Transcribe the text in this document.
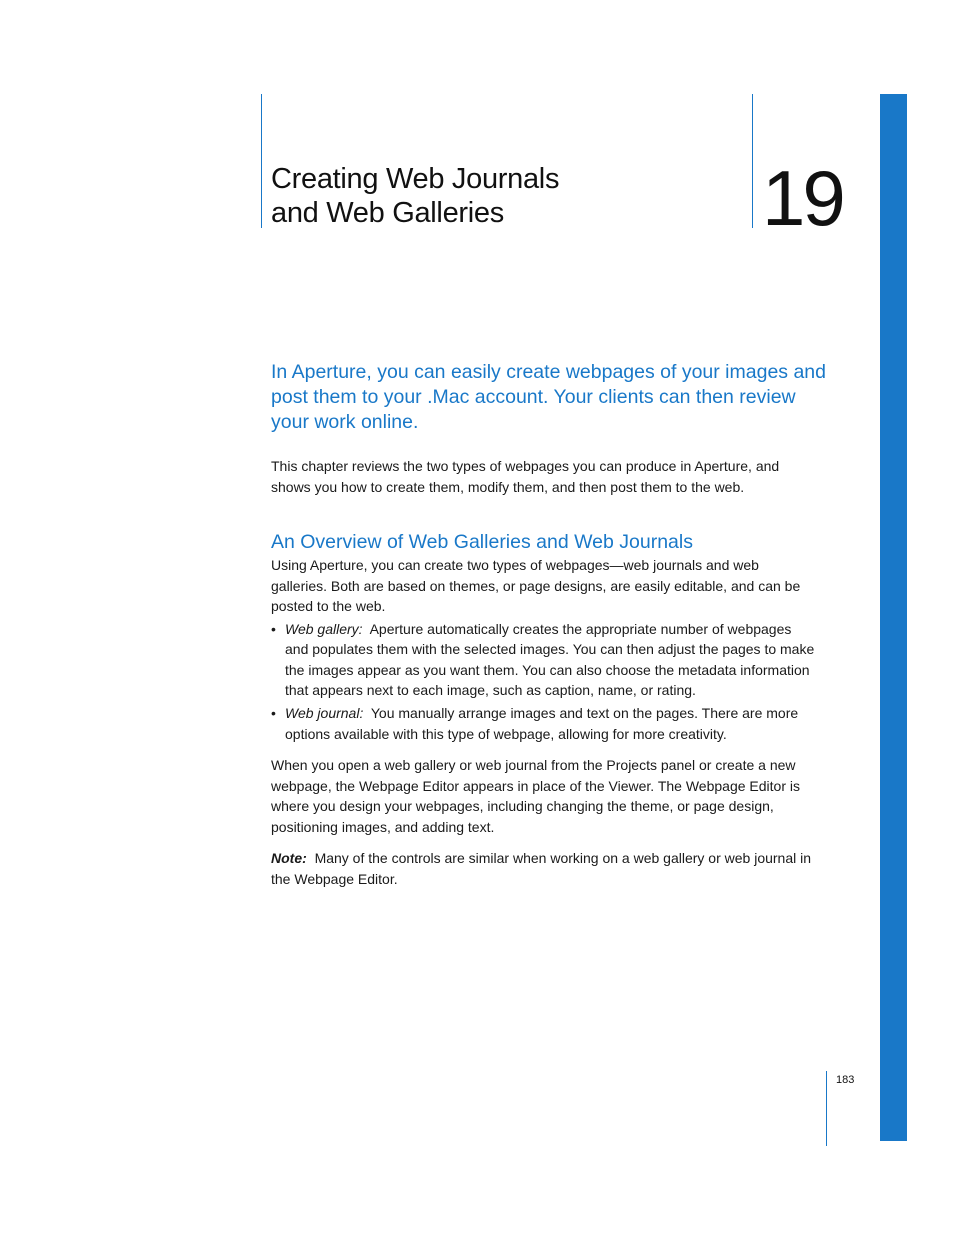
Creating Web Journals
and Web Galleries	19

In Aperture, you can easily create webpages of your images and post them to your .Mac account. Your clients can then review your work online.

This chapter reviews the two types of webpages you can produce in Aperture, and shows you how to create them, modify them, and then post them to the web.

An Overview of Web Galleries and Web Journals

Using Aperture, you can create two types of webpages—web journals and web galleries. Both are based on themes, or page designs, are easily editable, and can be posted to the web.

• Web gallery: Aperture automatically creates the appropriate number of webpages and populates them with the selected images. You can then adjust the pages to make the images appear as you want them. You can also choose the metadata information that appears next to each image, such as caption, name, or rating.
• Web journal: You manually arrange images and text on the pages. There are more options available with this type of webpage, allowing for more creativity.

When you open a web gallery or web journal from the Projects panel or create a new webpage, the Webpage Editor appears in place of the Viewer. The Webpage Editor is where you design your webpages, including changing the theme, or page design, positioning images, and adding text.

Note: Many of the controls are similar when working on a web gallery or web journal in the Webpage Editor.

183
